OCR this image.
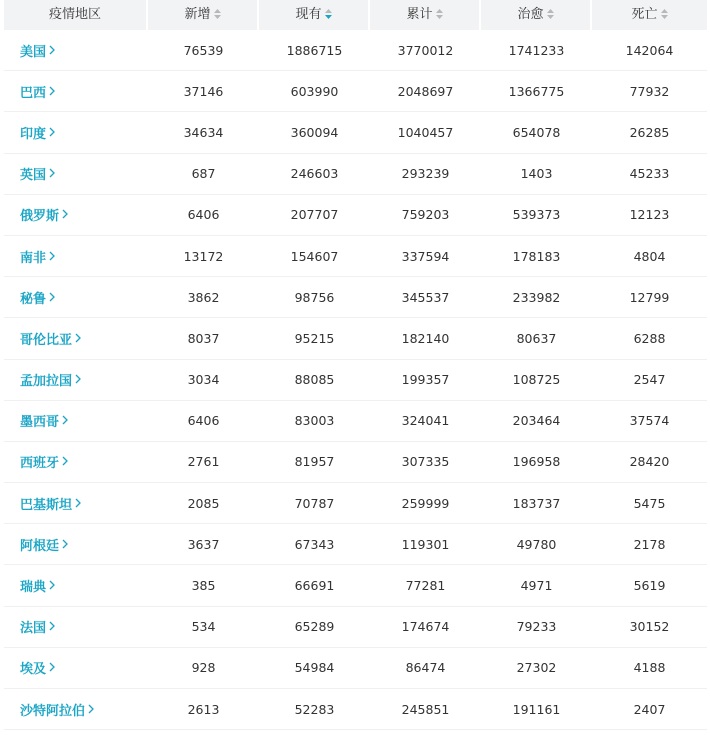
疫情地区	新增	现有	累计	治愈	死亡
美国	76539	1886715	3770012	1741233	142064
巴西	37146	603990	2048697	1366775	77932
印度	34634	360094	1040457	654078	26285
英国	687	246603	293239	1403	45233
俄罗斯	6406	207707	759203	539373	12123
南非	13172	154607	337594	178183	4804
秘鲁	3862	98756	345537	233982	12799
哥伦比亚	8037	95215	182140	80637	6288
孟加拉国	3034	88085	199357	108725	2547
墨西哥	6406	83003	324041	203464	37574
西班牙	2761	81957	307335	196958	28420
巴基斯坦	2085	70787	259999	183737	5475
阿根廷	3637	67343	119301	49780	2178
瑞典	385	66691	77281	4971	5619
法国	534	65289	174674	79233	30152
埃及	928	54984	86474	27302	4188
沙特阿拉伯	2613	52283	245851	191161	2407
